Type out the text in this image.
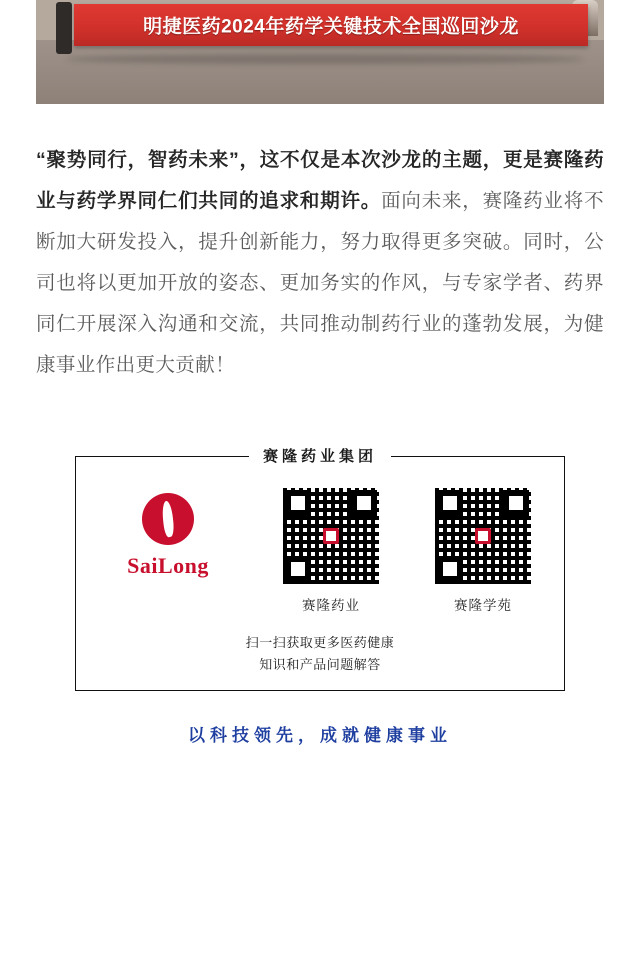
明捷医药2024年药学关键技术全国巡回沙龙
“聚势同行，智药未来”，这不仅是本次沙龙的主题，更是赛隆药业与药学界同仁们共同的追求和期许。面向未来，赛隆药业将不断加大研发投入，提升创新能力，努力取得更多突破。同时，公司也将以更加开放的姿态、更加务实的作风，与专家学者、药界同仁开展深入沟通和交流，共同推动制药行业的蓬勃发展，为健康事业作出更大贡献！
赛隆药业集团
SaiLong
赛隆药业	赛隆学苑
扫一扫获取更多医药健康
知识和产品问题解答
以科技领先，成就健康事业
